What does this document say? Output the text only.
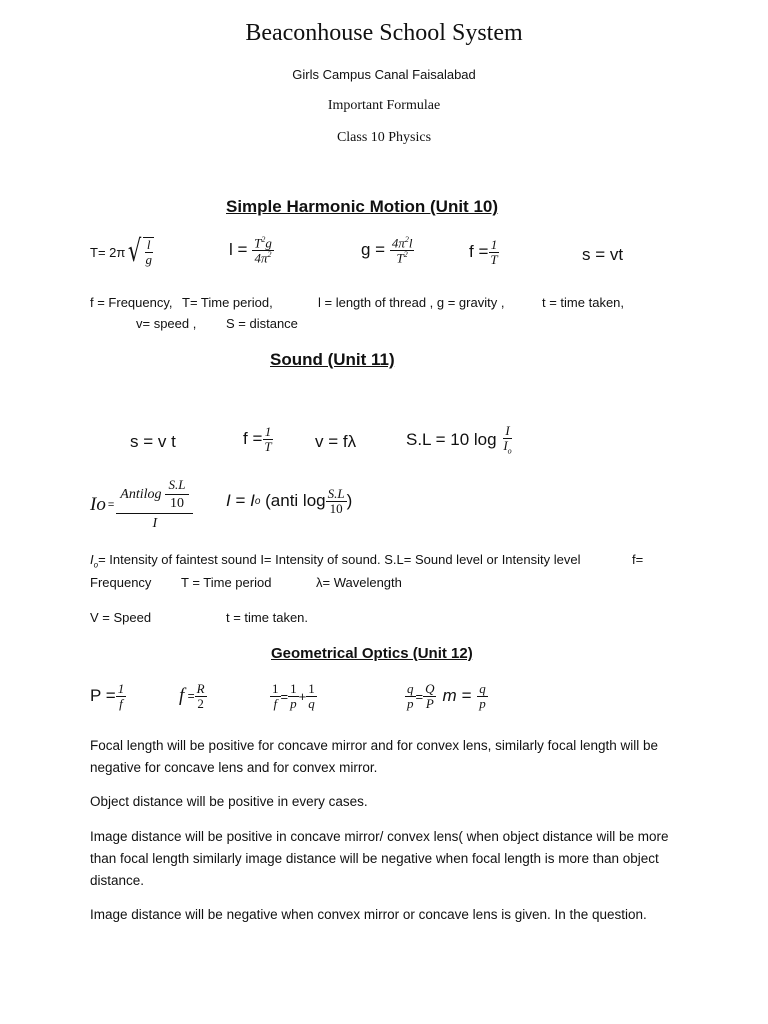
Beaconhouse School System
Girls Campus Canal Faisalabad
Important Formulae
Class 10 Physics
Simple Harmonic Motion (Unit 10)
T= 2π √ $\frac{l}{g}$	l =
$\frac{T^2g}{4\pi^2}$	g =
$\frac{4\pi^2l}{T^2}$	$f = \frac{1}{T}$	s = vt
f = Frequency, T= Time period,	l = length of thread , g = gravity ,	t = time taken,
v= speed , S = distance
Sound (Unit 11)
s = v t	$f = \frac{1}{T}$ v = fλ	S.L = 10 log
$\frac{I}{I_o}$
$Io = \frac{Antilog \frac{S.L}{10}}{I}$ I = I o (anti $\log \frac{S.L}{10}$ )
$I_o=$ Intensity of faintest sound I= Intensity of sound. S.L= Sound level or Intensity level	f=
Frequency T = Time period	λ= Wavelength
V = Speed	t = time taken.
Geometrical Optics (Unit 12)
$P = \frac{1}{f}$	$f = \frac{R}{2}$	$\frac{1}{f} = \frac{1}{p} + \frac{1}{q}$	$\frac{q}{p} = \frac{Q}{P}$ $m = \frac{q}{p}$
Focal length will be positive for concave mirror and for convex lens, similarly focal length will be negative for concave lens and for convex mirror.
Object distance will be positive in every cases.
Image distance will be positive in concave mirror/ convex lens( when object distance will be more than focal length similarly image distance will be negative when focal length is more than object distance.
Image distance will be negative when convex mirror or concave lens is given. In the question.
